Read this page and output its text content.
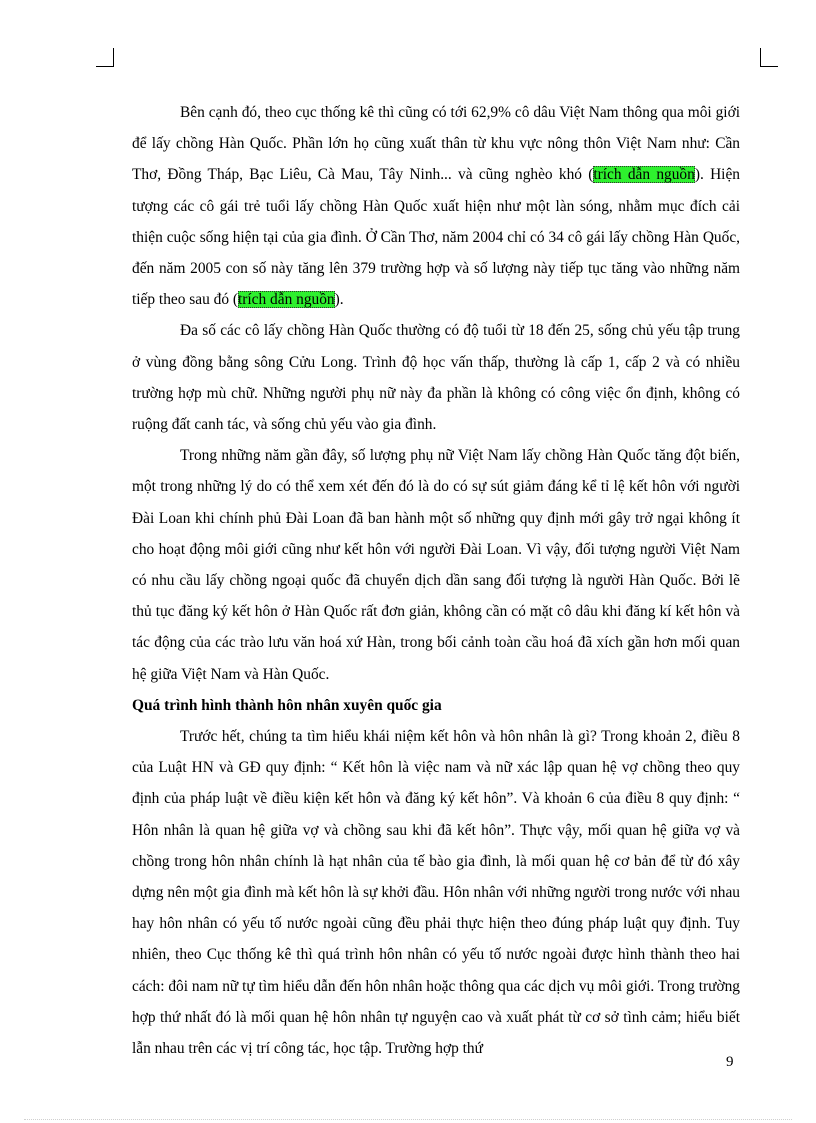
Bên cạnh đó, theo cục thống kê thì cũng có tới 62,9% cô dâu Việt Nam thông qua môi giới để lấy chồng Hàn Quốc. Phần lớn họ cũng xuất thân từ khu vực nông thôn Việt Nam như: Cần Thơ, Đồng Tháp, Bạc Liêu, Cà Mau, Tây Ninh... và cũng nghèo khó (trích dẫn nguồn). Hiện tượng các cô gái trẻ tuổi lấy chồng Hàn Quốc xuất hiện như một làn sóng, nhằm mục đích cải thiện cuộc sống hiện tại của gia đình. Ở Cần Thơ, năm 2004 chỉ có 34 cô gái lấy chồng Hàn Quốc, đến năm 2005 con số này tăng lên 379 trường hợp và số lượng này tiếp tục tăng vào những năm tiếp theo sau đó (trích dẫn nguồn).

Đa số các cô lấy chồng Hàn Quốc thường có độ tuổi từ 18 đến 25, sống chủ yếu tập trung ở vùng đồng bằng sông Cửu Long. Trình độ học vấn thấp, thường là cấp 1, cấp 2 và có nhiều trường hợp mù chữ. Những người phụ nữ này đa phần là không có công việc ổn định, không có ruộng đất canh tác, và sống chủ yếu vào gia đình.

Trong những năm gần đây, số lượng phụ nữ Việt Nam lấy chồng Hàn Quốc tăng đột biến, một trong những lý do có thể xem xét đến đó là do có sự sút giảm đáng kể tỉ lệ kết hôn với người Đài Loan khi chính phủ Đài Loan đã ban hành một số những quy định mới gây trở ngại không ít cho hoạt động môi giới cũng như kết hôn với người Đài Loan. Vì vậy, đối tượng người Việt Nam có nhu cầu lấy chồng ngoại quốc đã chuyển dịch dần sang đối tượng là người Hàn Quốc. Bởi lẽ thủ tục đăng ký kết hôn ở Hàn Quốc rất đơn giản, không cần có mặt cô dâu khi đăng kí kết hôn và tác động của các trào lưu văn hoá xứ Hàn, trong bối cảnh toàn cầu hoá đã xích gần hơn mối quan hệ giữa Việt Nam và Hàn Quốc.

Quá trình hình thành hôn nhân xuyên quốc gia

Trước hết, chúng ta tìm hiểu khái niệm kết hôn và hôn nhân là gì? Trong khoản 2, điều 8 của Luật HN và GĐ quy định: “ Kết hôn là việc nam và nữ xác lập quan hệ vợ chồng theo quy định của pháp luật về điều kiện kết hôn và đăng ký kết hôn”. Và khoản 6 của điều 8 quy định: “ Hôn nhân là quan hệ giữa vợ và chồng sau khi đã kết hôn”. Thực vậy, mối quan hệ giữa vợ và chồng trong hôn nhân chính là hạt nhân của tế bào gia đình, là mối quan hệ cơ bản để từ đó xây dựng nên một gia đình mà kết hôn là sự khởi đầu. Hôn nhân với những người trong nước với nhau hay hôn nhân có yếu tố nước ngoài cũng đều phải thực hiện theo đúng pháp luật quy định. Tuy nhiên, theo Cục thống kê thì quá trình hôn nhân có yếu tố nước ngoài được hình thành theo hai cách: đôi nam nữ tự tìm hiểu dẫn đến hôn nhân hoặc thông qua các dịch vụ môi giới. Trong trường hợp thứ nhất đó là mối quan hệ hôn nhân tự nguyện cao và xuất phát từ cơ sở tình cảm; hiểu biết lẫn nhau trên các vị trí công tác, học tập. Trường hợp thứ

9
